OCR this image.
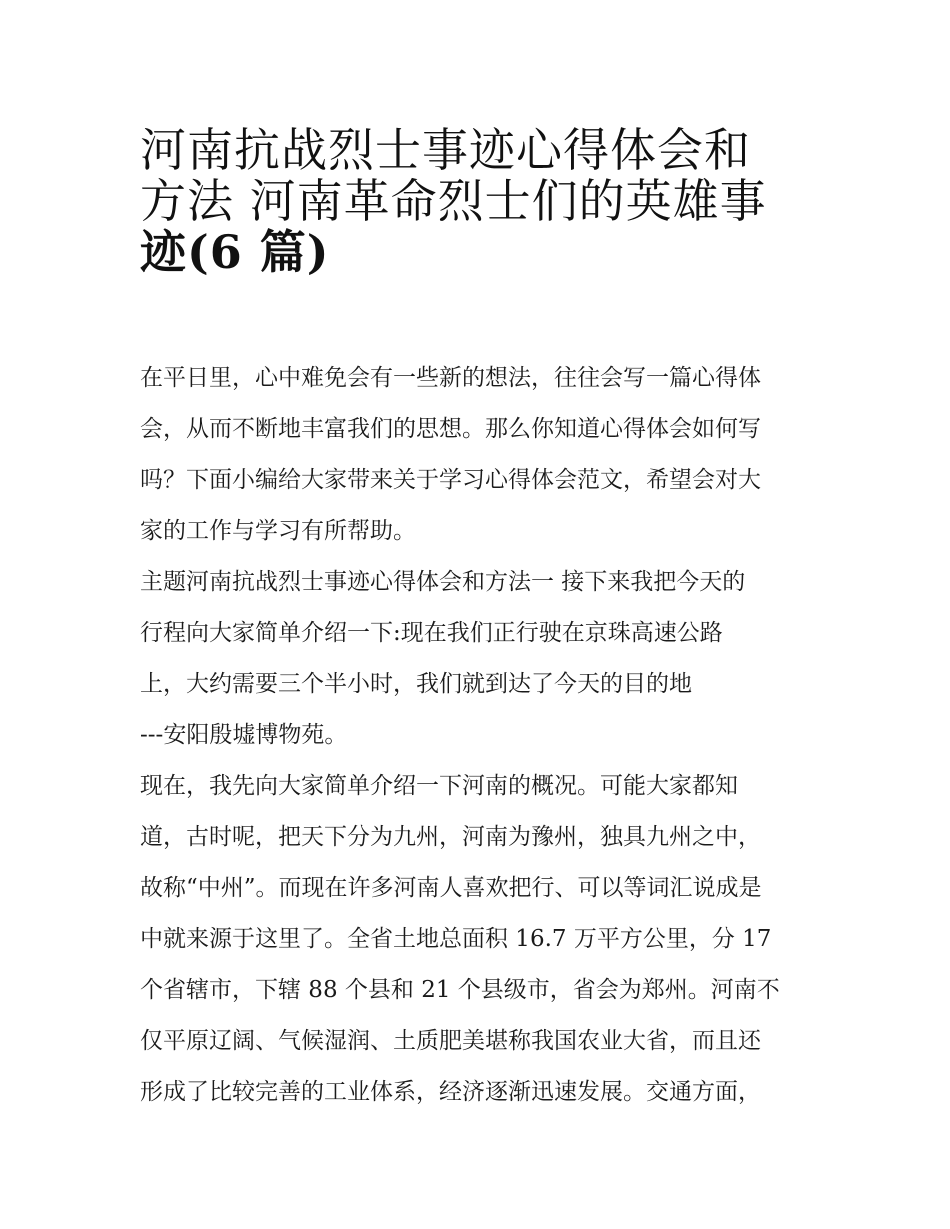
河南抗战烈士事迹心得体会和
方法 河南革命烈士们的英雄事
迹(6 篇)

在平日里，心中难免会有一些新的想法，往往会写一篇心得体
会，从而不断地丰富我们的思想。那么你知道心得体会如何写
吗？下面小编给大家带来关于学习心得体会范文，希望会对大
家的工作与学习有所帮助。

主题河南抗战烈士事迹心得体会和方法一 接下来我把今天的
行程向大家简单介绍一下:现在我们正行驶在京珠高速公路
上，大约需要三个半小时，我们就到达了今天的目的地
---安阳殷墟博物苑。

现在，我先向大家简单介绍一下河南的概况。可能大家都知
道，古时呢，把天下分为九州，河南为豫州，独具九州之中，
故称“中州”。而现在许多河南人喜欢把行、可以等词汇说成是
中就来源于这里了。全省土地总面积 16.7 万平方公里，分 17
个省辖市，下辖 88 个县和 21 个县级市，省会为郑州。河南不
仅平原辽阔、气候湿润、土质肥美堪称我国农业大省，而且还
形成了比较完善的工业体系，经济逐渐迅速发展。交通方面，
